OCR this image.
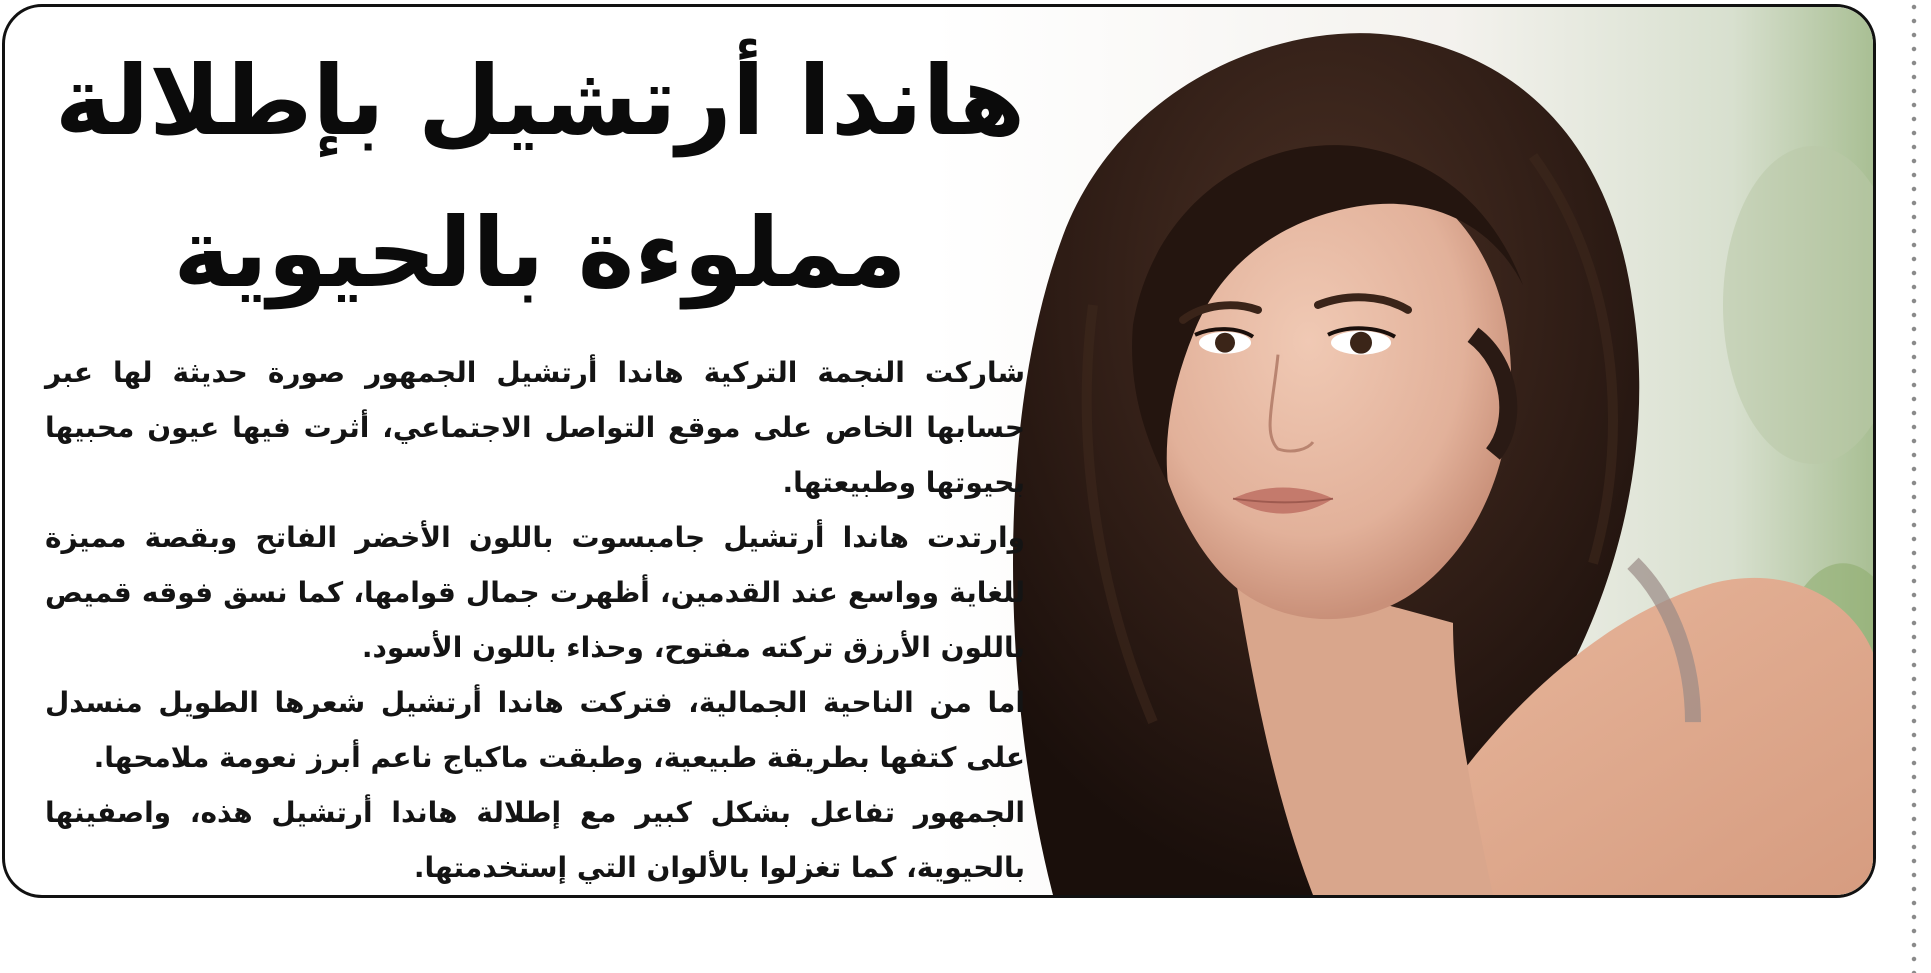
هاندا أرتشيل بإطلالة
مملوءة بالحيوية

شاركت النجمة التركية هاندا أرتشيل الجمهور صورة حديثة لها عبر حسابها الخاص على موقع التواصل الاجتماعي، أثرت فيها عيون محبيها بحيوتها وطبيعتها.

وارتدت هاندا أرتشيل جامبسوت باللون الأخضر الفاتح وبقصة مميزة للغاية وواسع عند القدمين، أظهرت جمال قوامها، كما نسق فوقه قميص باللون الأرزق تركته مفتوح، وحذاء باللون الأسود.

اما من الناحية الجمالية، فتركت هاندا أرتشيل شعرها الطويل منسدل على كتفها بطريقة طبيعية، وطبقت ماكياج ناعم أبرز نعومة ملامحها.

الجمهور تفاعل بشكل كبير مع إطلالة هاندا أرتشيل هذه، واصفينها بالحيوية، كما تغزلوا بالألوان التي إستخدمتها.
